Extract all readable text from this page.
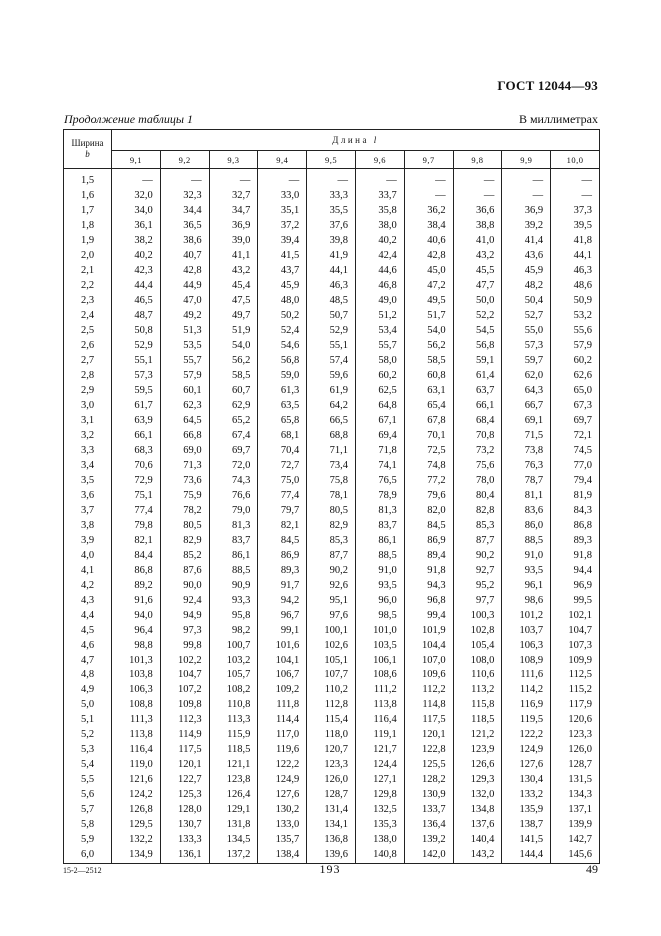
ГОСТ 12044—93
Продолжение таблицы 1	В миллиметрах
Ширина
b	Длина l									
	9,1	9,2	9,3	9,4	9,5	9,6	9,7	9,8	9,9	10,0
1,5	—	—	—	—	—	—	—	—	—	—
1,6	32,0	32,3	32,7	33,0	33,3	33,7	—	—	—	—
1,7	34,0	34,4	34,7	35,1	35,5	35,8	36,2	36,6	36,9	37,3
1,8	36,1	36,5	36,9	37,2	37,6	38,0	38,4	38,8	39,2	39,5
1,9	38,2	38,6	39,0	39,4	39,8	40,2	40,6	41,0	41,4	41,8
2,0	40,2	40,7	41,1	41,5	41,9	42,4	42,8	43,2	43,6	44,1
2,1	42,3	42,8	43,2	43,7	44,1	44,6	45,0	45,5	45,9	46,3
2,2	44,4	44,9	45,4	45,9	46,3	46,8	47,2	47,7	48,2	48,6
2,3	46,5	47,0	47,5	48,0	48,5	49,0	49,5	50,0	50,4	50,9
2,4	48,7	49,2	49,7	50,2	50,7	51,2	51,7	52,2	52,7	53,2
2,5	50,8	51,3	51,9	52,4	52,9	53,4	54,0	54,5	55,0	55,6
2,6	52,9	53,5	54,0	54,6	55,1	55,7	56,2	56,8	57,3	57,9
2,7	55,1	55,7	56,2	56,8	57,4	58,0	58,5	59,1	59,7	60,2
2,8	57,3	57,9	58,5	59,0	59,6	60,2	60,8	61,4	62,0	62,6
2,9	59,5	60,1	60,7	61,3	61,9	62,5	63,1	63,7	64,3	65,0
3,0	61,7	62,3	62,9	63,5	64,2	64,8	65,4	66,1	66,7	67,3
3,1	63,9	64,5	65,2	65,8	66,5	67,1	67,8	68,4	69,1	69,7
3,2	66,1	66,8	67,4	68,1	68,8	69,4	70,1	70,8	71,5	72,1
3,3	68,3	69,0	69,7	70,4	71,1	71,8	72,5	73,2	73,8	74,5
3,4	70,6	71,3	72,0	72,7	73,4	74,1	74,8	75,6	76,3	77,0
3,5	72,9	73,6	74,3	75,0	75,8	76,5	77,2	78,0	78,7	79,4
3,6	75,1	75,9	76,6	77,4	78,1	78,9	79,6	80,4	81,1	81,9
3,7	77,4	78,2	79,0	79,7	80,5	81,3	82,0	82,8	83,6	84,3
3,8	79,8	80,5	81,3	82,1	82,9	83,7	84,5	85,3	86,0	86,8
3,9	82,1	82,9	83,7	84,5	85,3	86,1	86,9	87,7	88,5	89,3
4,0	84,4	85,2	86,1	86,9	87,7	88,5	89,4	90,2	91,0	91,8
4,1	86,8	87,6	88,5	89,3	90,2	91,0	91,8	92,7	93,5	94,4
4,2	89,2	90,0	90,9	91,7	92,6	93,5	94,3	95,2	96,1	96,9
4,3	91,6	92,4	93,3	94,2	95,1	96,0	96,8	97,7	98,6	99,5
4,4	94,0	94,9	95,8	96,7	97,6	98,5	99,4	100,3	101,2	102,1
4,5	96,4	97,3	98,2	99,1	100,1	101,0	101,9	102,8	103,7	104,7
4,6	98,8	99,8	100,7	101,6	102,6	103,5	104,4	105,4	106,3	107,3
4,7	101,3	102,2	103,2	104,1	105,1	106,1	107,0	108,0	108,9	109,9
4,8	103,8	104,7	105,7	106,7	107,7	108,6	109,6	110,6	111,6	112,5
4,9	106,3	107,2	108,2	109,2	110,2	111,2	112,2	113,2	114,2	115,2
5,0	108,8	109,8	110,8	111,8	112,8	113,8	114,8	115,8	116,9	117,9
5,1	111,3	112,3	113,3	114,4	115,4	116,4	117,5	118,5	119,5	120,6
5,2	113,8	114,9	115,9	117,0	118,0	119,1	120,1	121,2	122,2	123,3
5,3	116,4	117,5	118,5	119,6	120,7	121,7	122,8	123,9	124,9	126,0
5,4	119,0	120,1	121,1	122,2	123,3	124,4	125,5	126,6	127,6	128,7
5,5	121,6	122,7	123,8	124,9	126,0	127,1	128,2	129,3	130,4	131,5
5,6	124,2	125,3	126,4	127,6	128,7	129,8	130,9	132,0	133,2	134,3
5,7	126,8	128,0	129,1	130,2	131,4	132,5	133,7	134,8	135,9	137,1
5,8	129,5	130,7	131,8	133,0	134,1	135,3	136,4	137,6	138,7	139,9
5,9	132,2	133,3	134,5	135,7	136,8	138,0	139,2	140,4	141,5	142,7
6,0	134,9	136,1	137,2	138,4	139,6	140,8	142,0	143,2	144,4	145,6
15-2—2512	193	49
